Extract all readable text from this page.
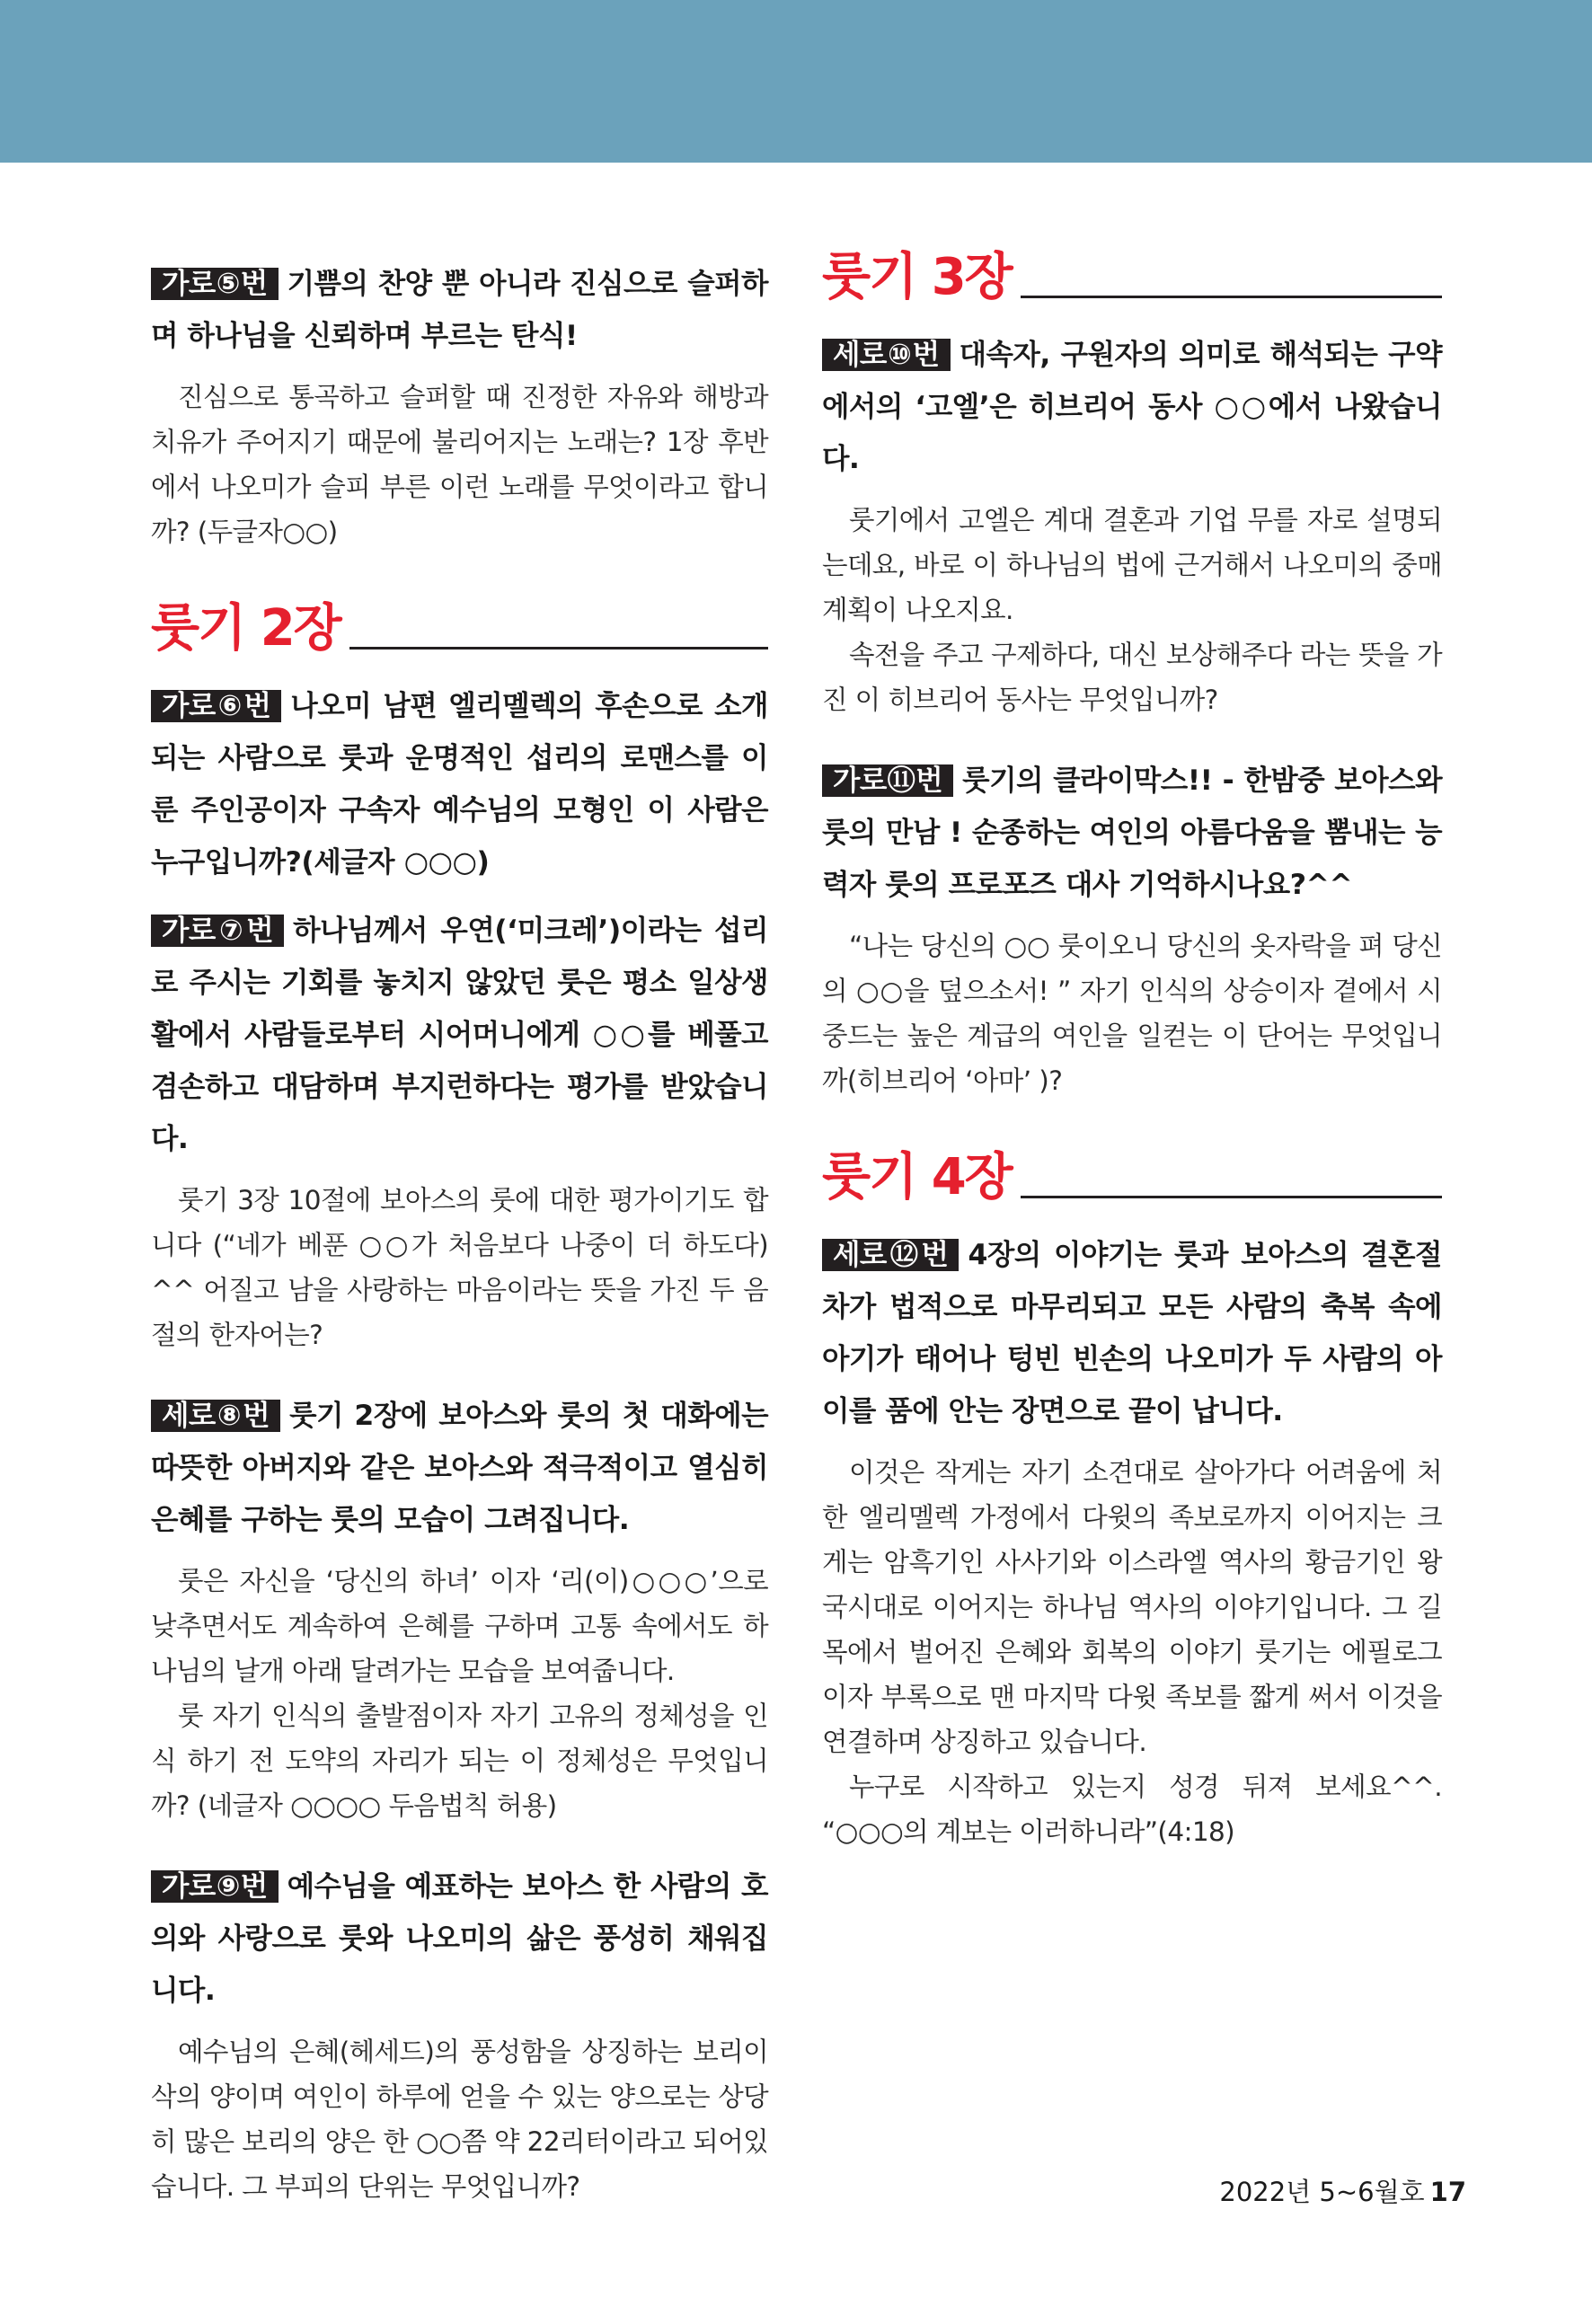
가로⑤번 기쁨의 찬양 뿐 아니라 진심으로 슬퍼하며 하나님을 신뢰하며 부르는 탄식!

진심으로 통곡하고 슬퍼할 때 진정한 자유와 해방과 치유가 주어지기 때문에 불리어지는 노래는? 1장 후반에서 나오미가 슬피 부른 이런 노래를 무엇이라고 합니까? (두글자○○)

룻기 2장

가로⑥번 나오미 남편 엘리멜렉의 후손으로 소개 되는 사람으로 룻과 운명적인 섭리의 로맨스를 이룬 주인공이자 구속자 예수님의 모형인 이 사람은 누구입니까?(세글자 ○○○)

가로⑦번 하나님께서 우연(‘미크레’)이라는 섭리로 주시는 기회를 놓치지 않았던 룻은 평소 일상생활에서 사람들로부터 시어머니에게 ○○를 베풀고 겸손하고 대담하며 부지런하다는 평가를 받았습니다.

룻기 3장 10절에 보아스의 룻에 대한 평가이기도 합니다 (“네가 베푼 ○○가 처음보다 나중이 더 하도다) ^^ 어질고 남을 사랑하는 마음이라는 뜻을 가진 두 음절의 한자어는?

세로⑧번 룻기 2장에 보아스와 룻의 첫 대화에는 따뜻한 아버지와 같은 보아스와 적극적이고 열심히 은혜를 구하는 룻의 모습이 그려집니다.

룻은 자신을 ‘당신의 하녀’ 이자 ‘리(이)○○○’으로 낮추면서도 계속하여 은혜를 구하며 고통 속에서도 하나님의 날개 아래 달려가는 모습을 보여줍니다.

룻 자기 인식의 출발점이자 자기 고유의 정체성을 인식 하기 전 도약의 자리가 되는 이 정체성은 무엇입니까? (네글자 ○○○○ 두음법칙 허용)

가로⑨번 예수님을 예표하는 보아스 한 사람의 호의와 사랑으로 룻와 나오미의 삶은 풍성히 채워집니다.

예수님의 은혜(헤세드)의 풍성함을 상징하는 보리이삭의 양이며 여인이 하루에 얻을 수 있는 양으로는 상당히 많은 보리의 양은 한 ○○쯤 약 22리터이라고 되어있습니다. 그 부피의 단위는 무엇입니까?

룻기 3장

세로⑩번 대속자, 구원자의 의미로 해석되는 구약에서의 ‘고엘’은 히브리어 동사 ○○에서 나왔습니다.

룻기에서 고엘은 계대 결혼과 기업 무를 자로 설명되는데요, 바로 이 하나님의 법에 근거해서 나오미의 중매계획이 나오지요.

속전을 주고 구제하다, 대신 보상해주다 라는 뜻을 가진 이 히브리어 동사는 무엇입니까?

가로⑪번 룻기의 클라이막스!! - 한밤중 보아스와 룻의 만남 ! 순종하는 여인의 아름다움을 뽐내는 능력자 룻의 프로포즈 대사 기억하시나요?^^

“나는 당신의 ○○ 룻이오니 당신의 옷자락을 펴 당신의 ○○을 덮으소서! ” 자기 인식의 상승이자 곁에서 시중드는 높은 계급의 여인을 일컫는 이 단어는 무엇입니까(히브리어 ‘아마’ )?

룻기 4장

세로⑫번 4장의 이야기는 룻과 보아스의 결혼절차가 법적으로 마무리되고 모든 사람의 축복 속에 아기가 태어나 텅빈 빈손의 나오미가 두 사람의 아이를 품에 안는 장면으로 끝이 납니다.

이것은 작게는 자기 소견대로 살아가다 어려움에 처한 엘리멜렉 가정에서 다윗의 족보로까지 이어지는 크게는 암흑기인 사사기와 이스라엘 역사의 황금기인 왕국시대로 이어지는 하나님 역사의 이야기입니다. 그 길목에서 벌어진 은혜와 회복의 이야기 룻기는 에필로그이자 부록으로 맨 마지막 다윗 족보를 짧게 써서 이것을 연결하며 상징하고 있습니다.

누구로 시작하고 있는지 성경 뒤져 보세요^^. “○○○의 계보는 이러하니라”(4:18)

2022년 5~6월호 17
